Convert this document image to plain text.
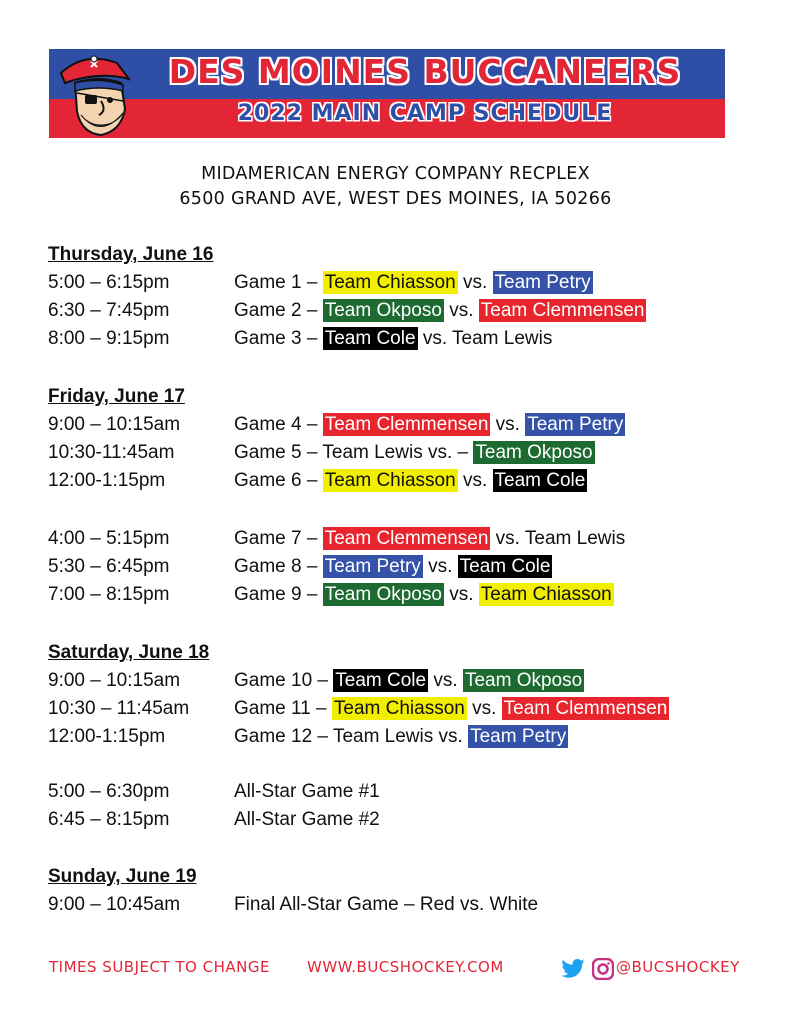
DES MOINES BUCCANEERS
2022 MAIN CAMP SCHEDULE
MIDAMERICAN ENERGY COMPANY RECPLEX
6500 GRAND AVE, WEST DES MOINES, IA 50266
Thursday, June 16
Friday, June 17
Saturday, June 18
Sunday, June 19
5:00 – 6:15pm	Game 1 – Team Chiasson vs. Team Petry
6:30 – 7:45pm	Game 2 – Team Okposo vs. Team Clemmensen
8:00 – 9:15pm	Game 3 – Team Cole vs. Team Lewis
9:00 – 10:15am	Game 4 – Team Clemmensen vs. Team Petry
10:30-11:45am	Game 5 – Team Lewis vs. – Team Okposo
12:00-1:15pm	Game 6 – Team Chiasson vs. Team Cole
4:00 – 5:15pm	Game 7 – Team Clemmensen vs. Team Lewis
5:30 – 6:45pm	Game 8 – Team Petry vs. Team Cole
7:00 – 8:15pm	Game 9 – Team Okposo vs. Team Chiasson
9:00 – 10:15am	Game 10 – Team Cole vs. Team Okposo
10:30 – 11:45am Game 11 – Team Chiasson vs. Team Clemmensen
12:00-1:15pm	Game 12 – Team Lewis vs. Team Petry
5:00 – 6:30pm	All-Star Game #1
6:45 – 8:15pm	All-Star Game #2
9:00 – 10:45am	Final All-Star Game – Red vs. White
TIMES SUBJECT TO CHANGE WWW.BUCSHOCKEY.COM	@BUCSHOCKEY
